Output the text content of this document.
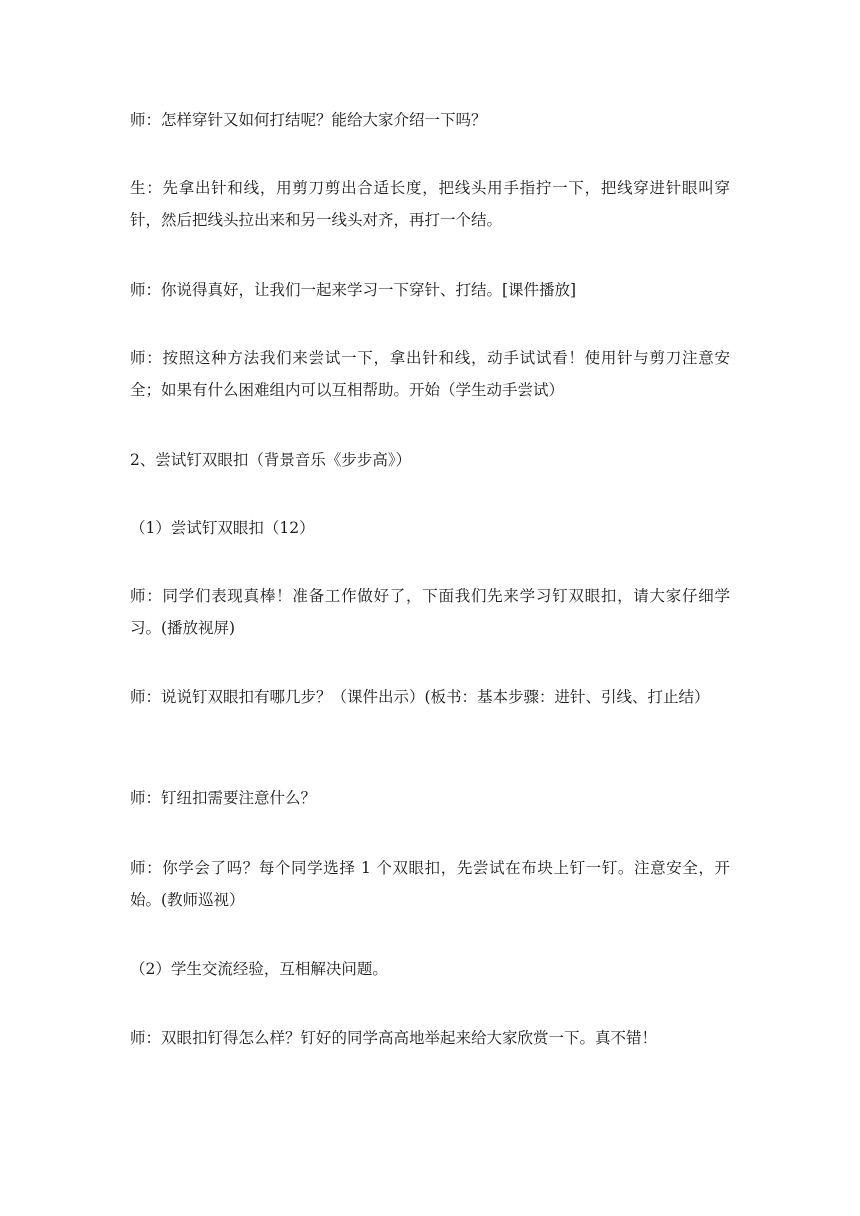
师：怎样穿针又如何打结呢？能给大家介绍一下吗？

生：先拿出针和线，用剪刀剪出合适长度，把线头用手指拧一下，把线穿进针眼叫穿针，然后把线头拉出来和另一线头对齐，再打一个结。

师：你说得真好，让我们一起来学习一下穿针、打结。[课件播放]

师：按照这种方法我们来尝试一下，拿出针和线，动手试试看！使用针与剪刀注意安全；如果有什么困难组内可以互相帮助。开始（学生动手尝试）

2、尝试钉双眼扣（背景音乐《步步高》）

（1）尝试钉双眼扣（12）

师：同学们表现真棒！准备工作做好了，下面我们先来学习钉双眼扣，请大家仔细学习。(播放视屏)

师：说说钉双眼扣有哪几步？（课件出示）(板书：基本步骤：进针、引线、打止结）

师：钉纽扣需要注意什么？

师：你学会了吗？每个同学选择 1 个双眼扣，先尝试在布块上钉一钉。注意安全，开始。(教师巡视）

（2）学生交流经验，互相解决问题。

师：双眼扣钉得怎么样？钉好的同学高高地举起来给大家欣赏一下。真不错！
